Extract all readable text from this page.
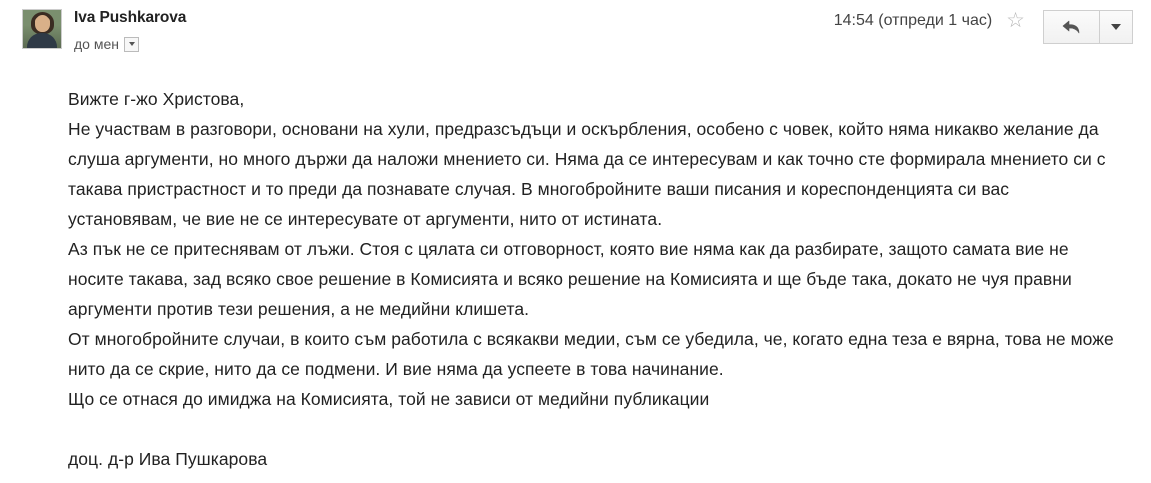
Iva Pushkarova
до мен
14:54 (отпреди 1 час) ☆

Вижте г-жо Христова,

Не участвам в разговори, основани на хули, предразсъдъци и оскърбления, особено с човек, който няма никакво желание да слуша аргументи, но много държи да наложи мнението си. Няма да се интересувам и как точно сте формирала мнението си с такава пристрастност и то преди да познавате случая. В многобройните ваши писания и кореспонденцията си вас установявам, че вие не се интересувате от аргументи, нито от истината.

Аз пък не се притеснявам от лъжи. Стоя с цялата си отговорност, която вие няма как да разбирате, защото самата вие не носите такава, зад всяко свое решение в Комисията и всяко решение на Комисията и ще бъде така, докато не чуя правни аргументи против тези решения, а не медийни клишета.

От многобройните случаи, в които съм работила с всякакви медии, съм се убедила, че, когато една теза е вярна, това не може нито да се скрие, нито да се подмени. И вие няма да успеете в това начинание.

Що се отнася до имиджа на Комисията, той не зависи от медийни публикации

доц. д-р Ива Пушкарова
